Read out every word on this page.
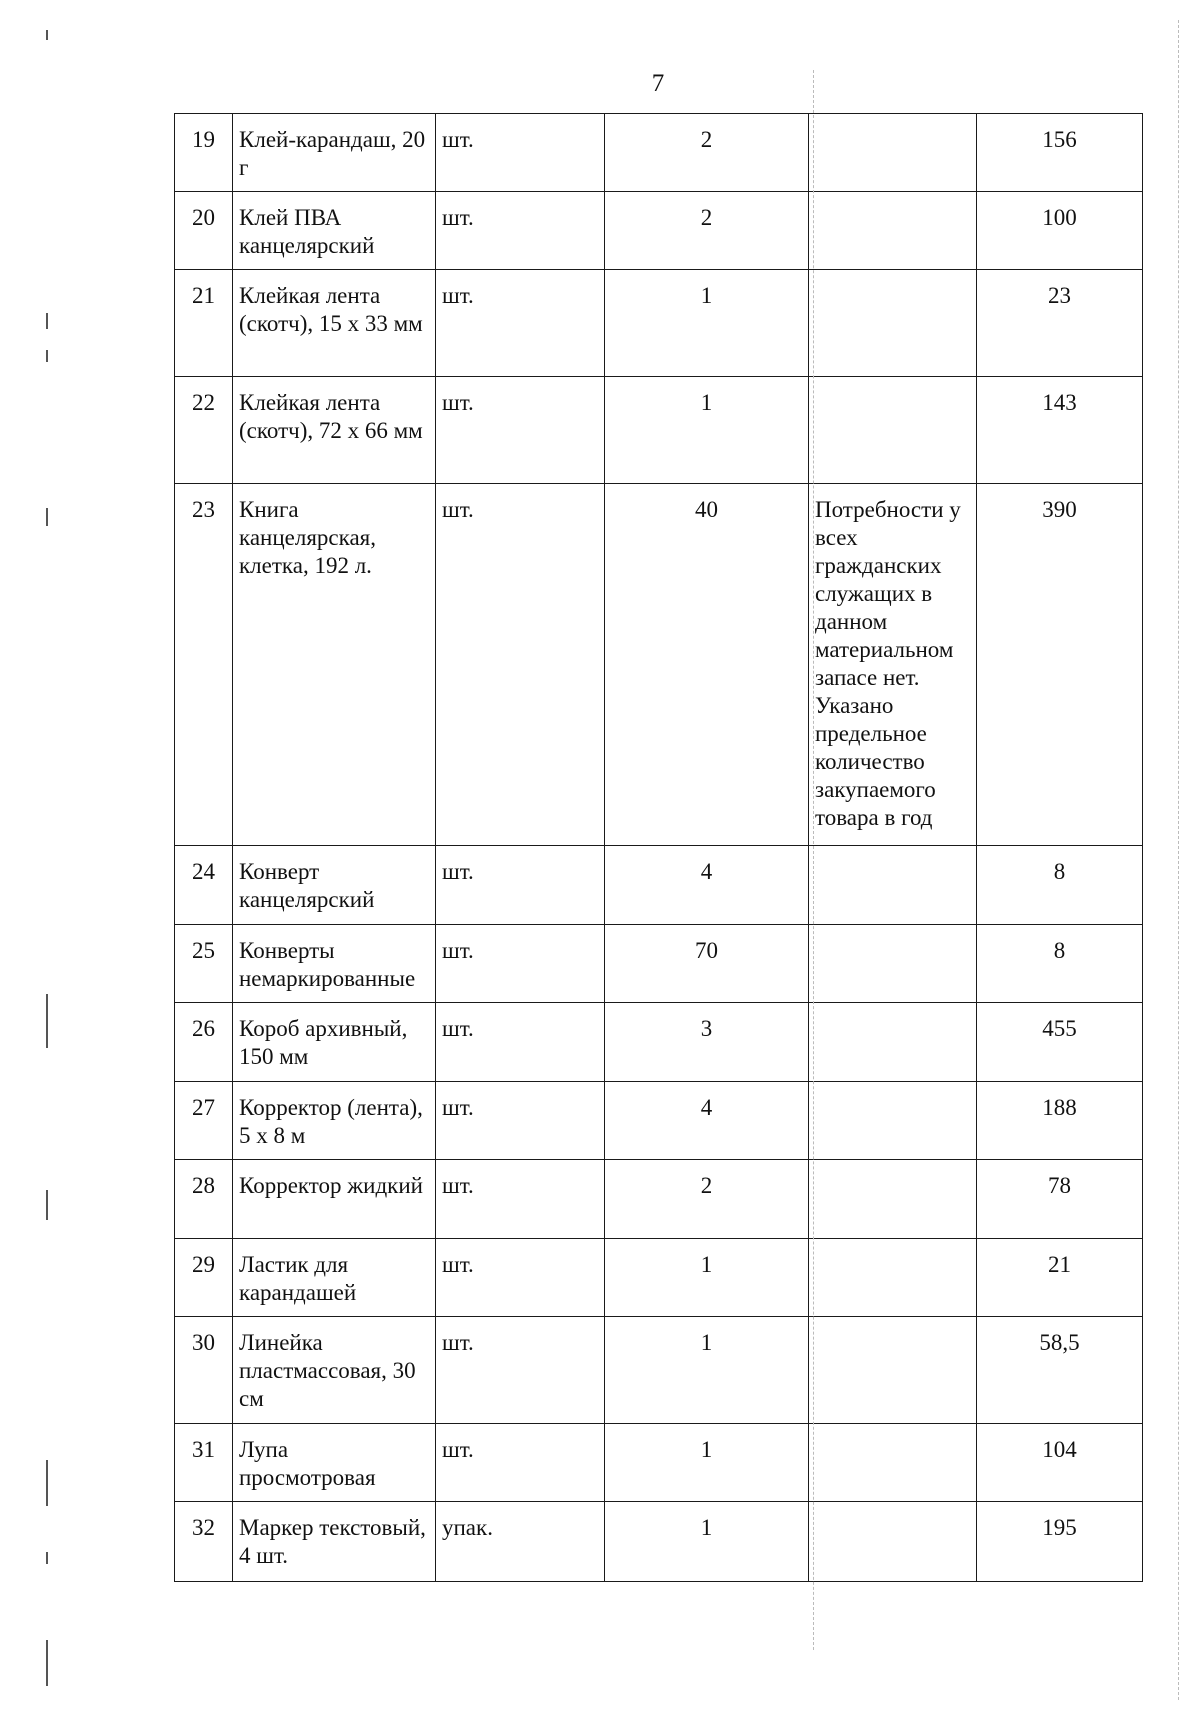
7
19	Клей-карандаш, 20 г	шт.	2		156
20	Клей ПВА канцелярский	шт.	2		100
21	Клейкая лента (скотч), 15 х 33 мм	шт.	1		23
22	Клейкая лента (скотч), 72 х 66 мм	шт.	1		143
23	Книга канцелярская, клетка, 192 л.	шт.	40	Потребности у всех гражданских служащих в данном материальном запасе нет. Указано предельное количество закупаемого товара в год	390
24	Конверт канцелярский	шт.	4		8
25	Конверты немаркированные	шт.	70		8
26	Короб архивный, 150 мм	шт.	3		455
27	Корректор (лента), 5 х 8 м	шт.	4		188
28	Корректор жидкий	шт.	2		78
29	Ластик для карандашей	шт.	1		21
30	Линейка пластмассовая, 30 см	шт.	1		58,5
31	Лупа просмотровая	шт.	1		104
32	Маркер текстовый, 4 шт.	упак.	1		195
